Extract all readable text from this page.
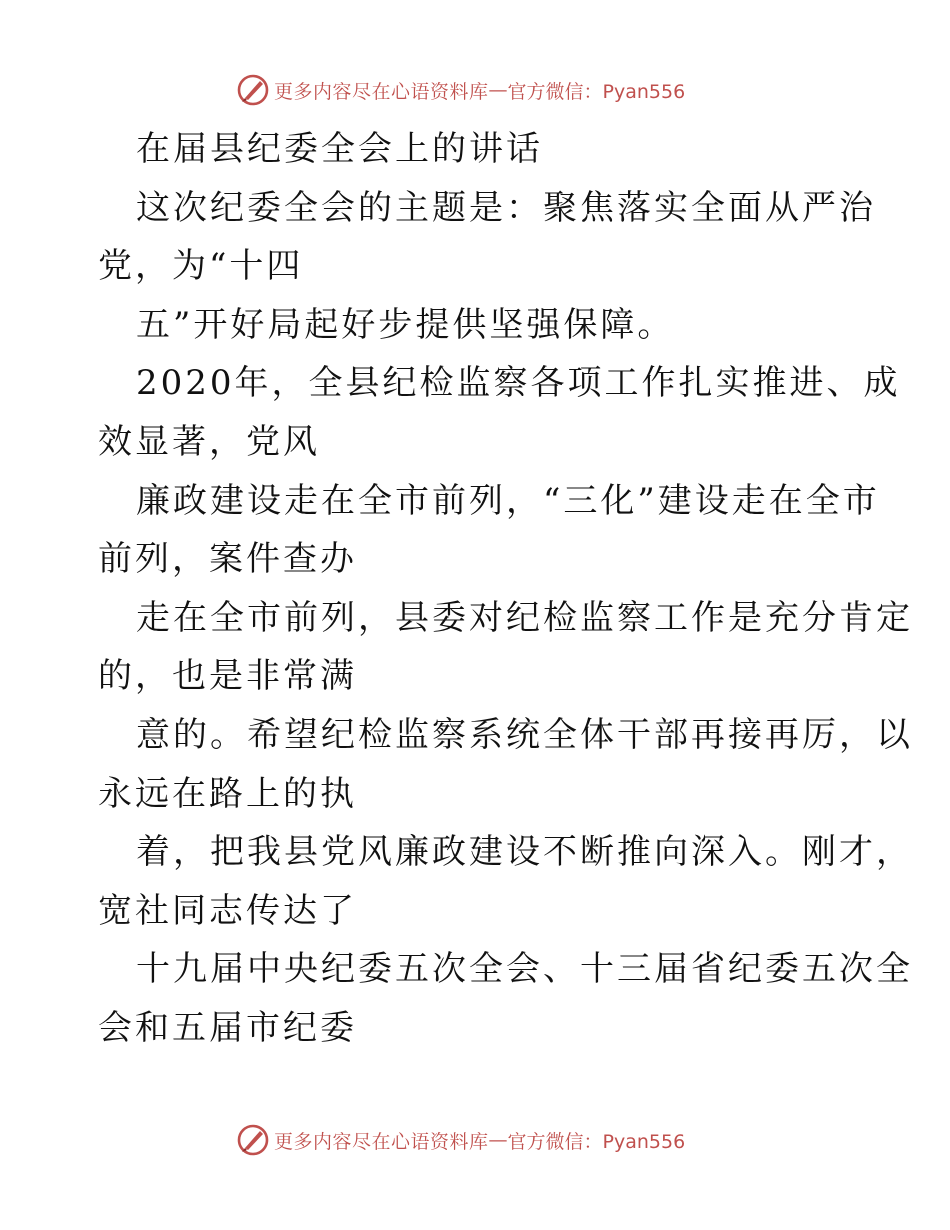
更多内容尽在心语资料库 — 官方微信：Pyan556
在届县纪委全会上的讲话
这次纪委全会的主题是：聚焦落实全面从严治
党，为“十四
五”开好局起好步提供坚强保障。
2020年，全县纪检监察各项工作扎实推进、成
效显著，党风
廉政建设走在全市前列，“三化”建设走在全市
前列，案件查办
走在全市前列，县委对纪检监察工作是充分肯定
的，也是非常满
意的。希望纪检监察系统全体干部再接再厉，以
永远在路上的执
着，把我县党风廉政建设不断推向深入。刚才，
宽社同志传达了
十九届中央纪委五次全会、十三届省纪委五次全
会和五届市纪委
更多内容尽在心语资料库 — 官方微信：Pyan556
